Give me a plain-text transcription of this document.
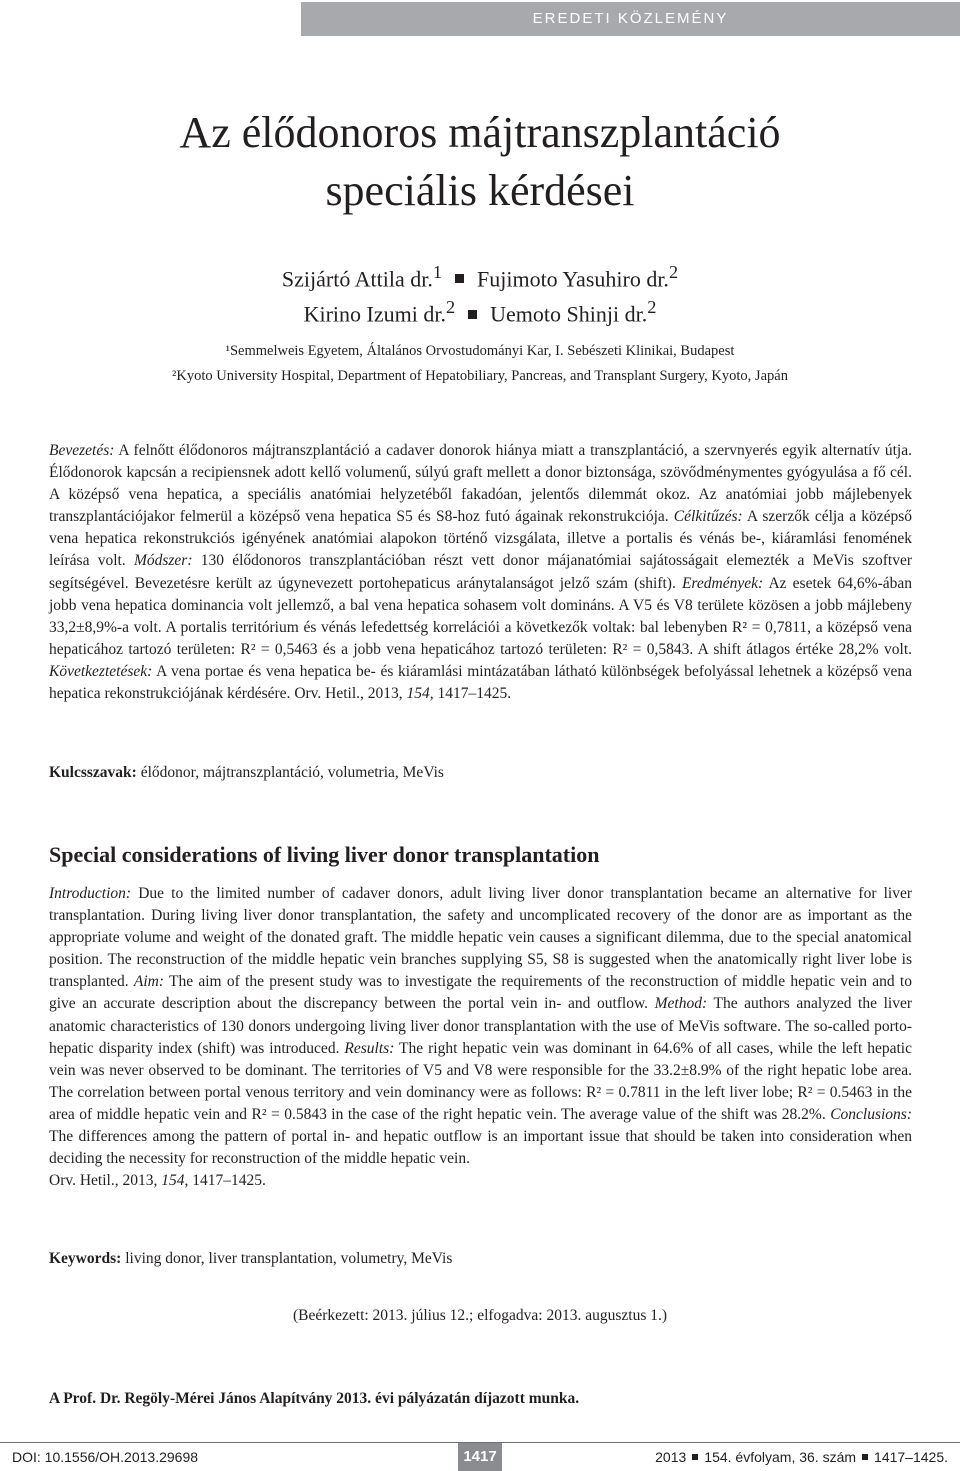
EREDETI KÖZLEMÉNY
Az élődonoros májtranszplantáció
speciális kérdései
Szijártó Attila dr.$^1$ Fujimoto Yasuhiro dr.$^2$
Kirino Izumi dr.$^2$ Uemoto Shinji dr.$^2$
¹Semmelweis Egyetem, Általános Orvostudományi Kar, I. Sebészeti Klinikai, Budapest
²Kyoto University Hospital, Department of Hepatobiliary, Pancreas, and Transplant Surgery, Kyoto, Japán

Bevezetés: A felnőtt élődonoros májtranszplantáció a cadaver donorok hiánya miatt a transzplantáció, a szervnyerés egyik alternatív útja. Élődonorok kapcsán a recipiensnek adott kellő volumenű, súlyú graft mellett a donor biztonsága, szövődménymentes gyógyulása a fő cél. A középső vena hepatica, a speciális anatómiai helyzetéből fakadóan, jelentős dilemmát okoz. Az anatómiai jobb májlebenyek transzplantációjakor felmerül a középső vena hepatica S5 és S8-hoz futó ágainak rekonstrukciója. Célkitűzés: A szerzők célja a középső vena hepatica rekonstrukciós igényének anatómiai alapokon történő vizsgálata, illetve a portalis és vénás be-, kiáramlási fenomének leírása volt. Módszer: 130 élődonoros transzplantációban részt vett donor májanatómiai sajátosságait elemezték a MeVis szoftver segítségével. Bevezetésre került az úgynevezett portohepaticus aránytalanságot jelző szám (shift). Eredmények: Az esetek 64,6%-ában jobb vena hepatica dominancia volt jellemző, a bal vena hepatica sohasem volt domináns. A V5 és V8 területe közösen a jobb májlebeny 33,2±8,9%-a volt. A portalis territórium és vénás lefedettség korrelációi a következők voltak: bal lebenyben R² = 0,7811, a középső vena hepaticához tartozó területen: R² = 0,5463 és a jobb vena hepaticához tartozó területen: R² = 0,5843. A shift átlagos értéke 28,2% volt. Következtetések: A vena portae és vena hepatica be- és kiáramlási mintázatában látható különbségek befolyással lehetnek a középső vena hepatica rekonstrukciójának kérdésére. Orv. Hetil., 2013, 154, 1417–1425.

Kulcsszavak: élődonor, májtranszplantáció, volumetria, MeVis
Special considerations of living liver donor transplantation

Introduction: Due to the limited number of cadaver donors, adult living liver donor transplantation became an alternative for liver transplantation. During living liver donor transplantation, the safety and uncomplicated recovery of the donor are as important as the appropriate volume and weight of the donated graft. The middle hepatic vein causes a significant dilemma, due to the special anatomical position. The reconstruction of the middle hepatic vein branches supplying S5, S8 is suggested when the anatomically right liver lobe is transplanted. Aim: The aim of the present study was to investigate the requirements of the reconstruction of middle hepatic vein and to give an accurate description about the discrepancy between the portal vein in- and outflow. Method: The authors analyzed the liver anatomic characteristics of 130 donors undergoing living liver donor transplantation with the use of MeVis software. The so-called porto-hepatic disparity index (shift) was introduced. Results: The right hepatic vein was dominant in 64.6% of all cases, while the left hepatic vein was never observed to be dominant. The territories of V5 and V8 were responsible for the 33.2±8.9% of the right hepatic lobe area. The correlation between portal venous territory and vein dominancy were as follows: R² = 0.7811 in the left liver lobe; R² = 0.5463 in the area of middle hepatic vein and R² = 0.5843 in the case of the right hepatic vein. The average value of the shift was 28.2%. Conclusions: The differences among the pattern of portal in- and hepatic outflow is an important issue that should be taken into consideration when deciding the necessity for reconstruction of the middle hepatic vein.
Orv. Hetil., 2013, 154, 1417–1425.

Keywords: living donor, liver transplantation, volumetry, MeVis
(Beérkezett: 2013. július 12.; elfogadva: 2013. augusztus 1.)
A Prof. Dr. Regöly-Mérei János Alapítvány 2013. évi pályázatán díjazott munka.
DOI: 10.1556/OH.2013.29698	1417	2013 154. évfolyam, 36. szám 1417–1425.
